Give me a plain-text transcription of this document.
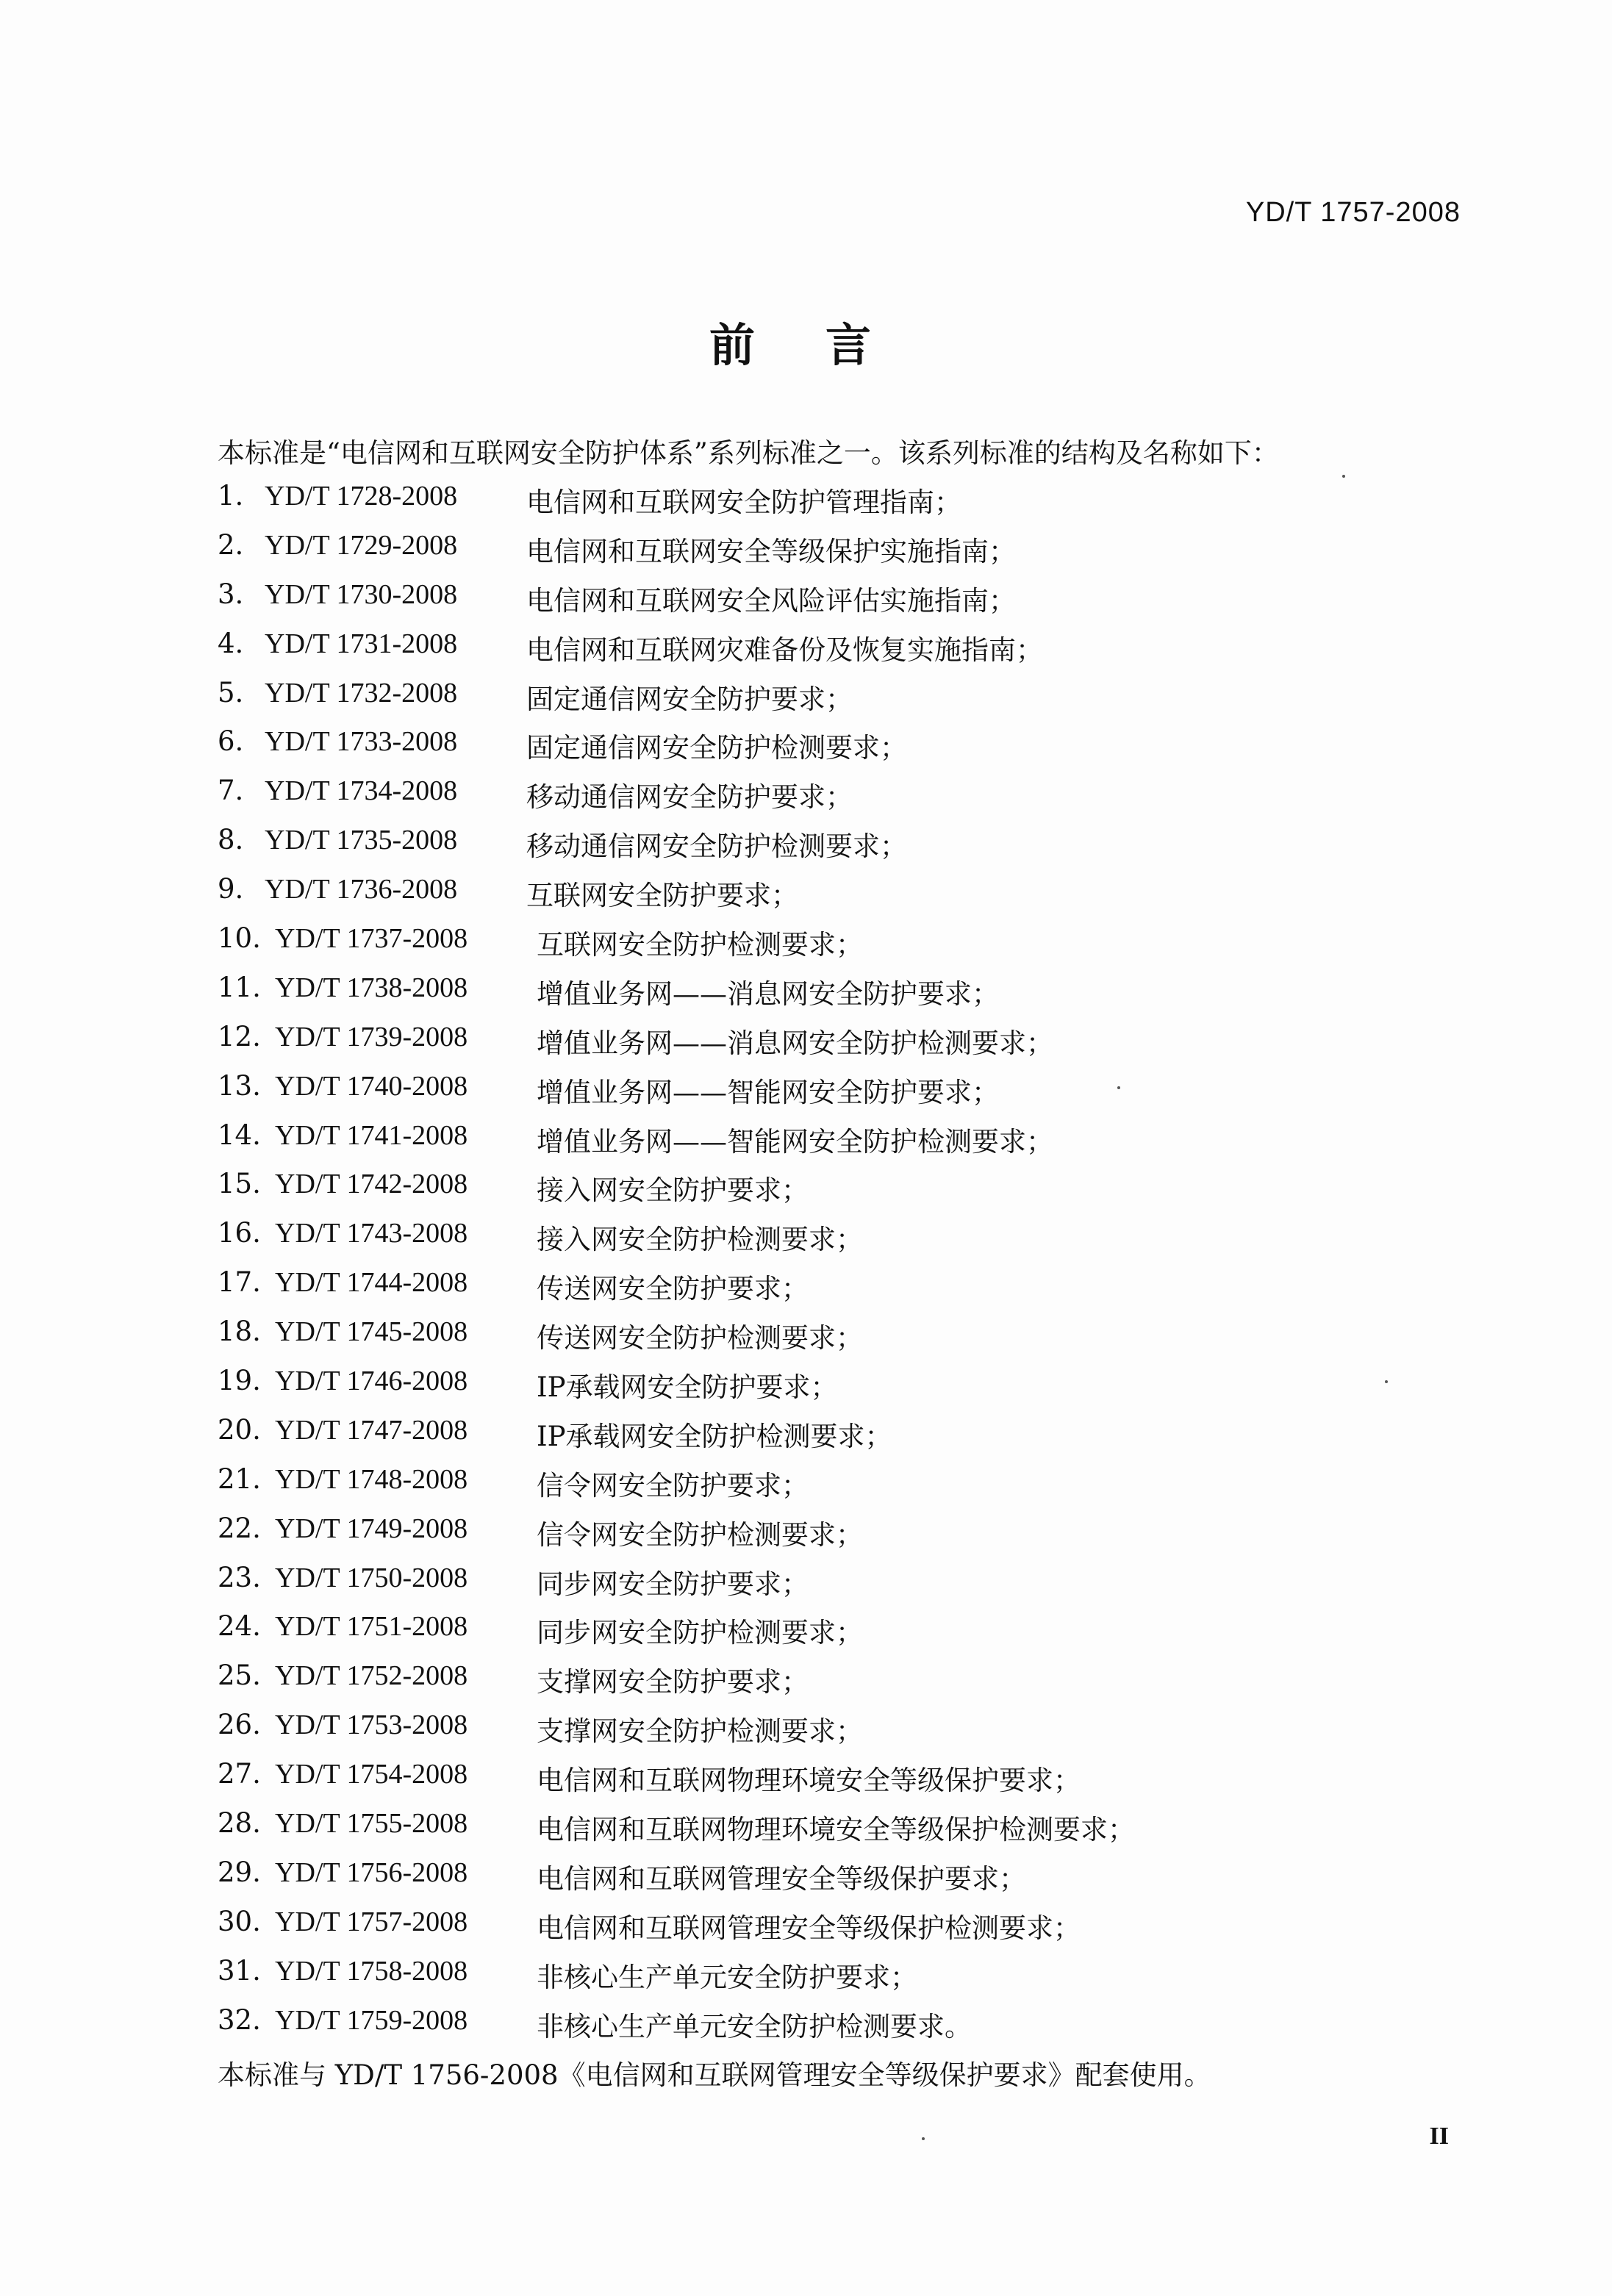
YD/T 1757-2008
前言
本标准是“电信网和互联网安全防护体系”系列标准之一。该系列标准的结构及名称如下：
1. YD/T 1728-2008	电信网和互联网安全防护管理指南；
2. YD/T 1729-2008	电信网和互联网安全等级保护实施指南；
3. YD/T 1730-2008	电信网和互联网安全风险评估实施指南；
4. YD/T 1731-2008	电信网和互联网灾难备份及恢复实施指南；
5. YD/T 1732-2008	固定通信网安全防护要求；
6. YD/T 1733-2008	固定通信网安全防护检测要求；
7. YD/T 1734-2008	移动通信网安全防护要求；
8. YD/T 1735-2008	移动通信网安全防护检测要求；
9. YD/T 1736-2008	互联网安全防护要求；
10. YD/T 1737-2008	互联网安全防护检测要求；
11. YD/T 1738-2008	增值业务网——消息网安全防护要求；
12. YD/T 1739-2008	增值业务网——消息网安全防护检测要求；
13. YD/T 1740-2008	增值业务网——智能网安全防护要求；
14. YD/T 1741-2008	增值业务网——智能网安全防护检测要求；
15. YD/T 1742-2008	接入网安全防护要求；
16. YD/T 1743-2008	接入网安全防护检测要求；
17. YD/T 1744-2008	传送网安全防护要求；
18. YD/T 1745-2008	传送网安全防护检测要求；
19. YD/T 1746-2008	IP承载网安全防护要求；
20. YD/T 1747-2008	IP承载网安全防护检测要求；
21. YD/T 1748-2008	信令网安全防护要求；
22. YD/T 1749-2008	信令网安全防护检测要求；
23. YD/T 1750-2008	同步网安全防护要求；
24. YD/T 1751-2008	同步网安全防护检测要求；
25. YD/T 1752-2008	支撑网安全防护要求；
26. YD/T 1753-2008	支撑网安全防护检测要求；
27. YD/T 1754-2008	电信网和互联网物理环境安全等级保护要求；
28. YD/T 1755-2008	电信网和互联网物理环境安全等级保护检测要求；
29. YD/T 1756-2008	电信网和互联网管理安全等级保护要求；
30. YD/T 1757-2008	电信网和互联网管理安全等级保护检测要求；
31. YD/T 1758-2008	非核心生产单元安全防护要求；
32. YD/T 1759-2008	非核心生产单元安全防护检测要求。
本标准与 YD/T 1756-2008《电信网和互联网管理安全等级保护要求》配套使用。
II
